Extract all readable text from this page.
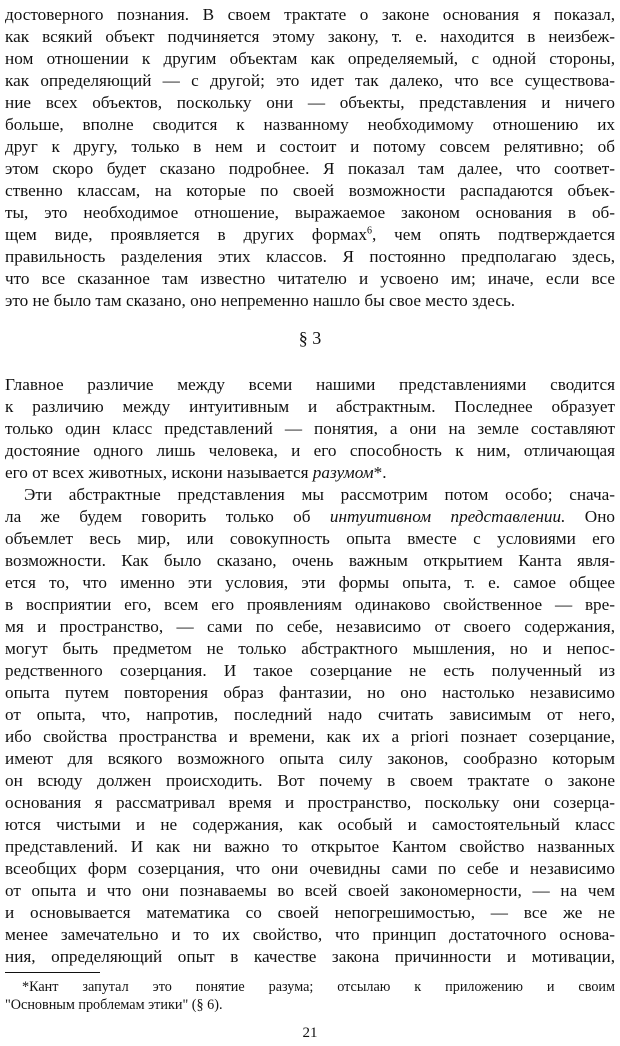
достоверного познания. В своем трактате о законе основания я показал,
как всякий объект подчиняется этому закону, т. е. находится в неизбеж-
ном отношении к другим объектам как определяемый, с одной стороны,
как определяющий — с другой; это идет так далеко, что все существова-
ние всех объектов, поскольку они — объекты, представления и ничего
больше, вполне сводится к названному необходимому отношению их
друг к другу, только в нем и состоит и потому совсем релятивно; об
этом скоро будет сказано подробнее. Я показал там далее, что соответ-
ственно классам, на которые по своей возможности распадаются объек-
ты, это необходимое отношение, выражаемое законом основания в об-
щем виде, проявляется в других формах$^6$, чем опять подтверждается
правильность разделения этих классов. Я постоянно предполагаю здесь,
что все сказанное там известно читателю и усвоено им; иначе, если все
это не было там сказано, оно непременно нашло бы свое место здесь.
§ 3
Главное различие между всеми нашими представлениями сводится
к различию между интуитивным и абстрактным. Последнее образует
только один класс представлений — понятия, а они на земле составляют
достояние одного лишь человека, и его способность к ним, отличающая
его от всех животных, искони называется разумом*.
Эти абстрактные представления мы рассмотрим потом особо; снача-
ла же будем говорить только об интуитивном представлении. Оно
объемлет весь мир, или совокупность опыта вместе с условиями его
возможности. Как было сказано, очень важным открытием Канта явля-
ется то, что именно эти условия, эти формы опыта, т. е. самое общее
в восприятии его, всем его проявлениям одинаково свойственное — вре-
мя и пространство, — сами по себе, независимо от своего содержания,
могут быть предметом не только абстрактного мышления, но и непос-
редственного созерцания. И такое созерцание не есть полученный из
опыта путем повторения образ фантазии, но оно настолько независимо
от опыта, что, напротив, последний надо считать зависимым от него,
ибо свойства пространства и времени, как их а priori познает созерцание,
имеют для всякого возможного опыта силу законов, сообразно которым
он всюду должен происходить. Вот почему в своем трактате о законе
основания я рассматривал время и пространство, поскольку они созерца-
ются чистыми и не содержания, как особый и самостоятельный класс
представлений. И как ни важно то открытое Кантом свойство названных
всеобщих форм созерцания, что они очевидны сами по себе и независимо
от опыта и что они познаваемы во всей своей закономерности, — на чем
и основывается математика со своей непогрешимостью, — все же не
менее замечательно и то их свойство, что принцип достаточного основа-
ния, определяющий опыт в качестве закона причинности и мотивации,
*Кант запутал это понятие разума; отсылаю к приложению и своим
"Основным проблемам этики" (§ 6).
21
